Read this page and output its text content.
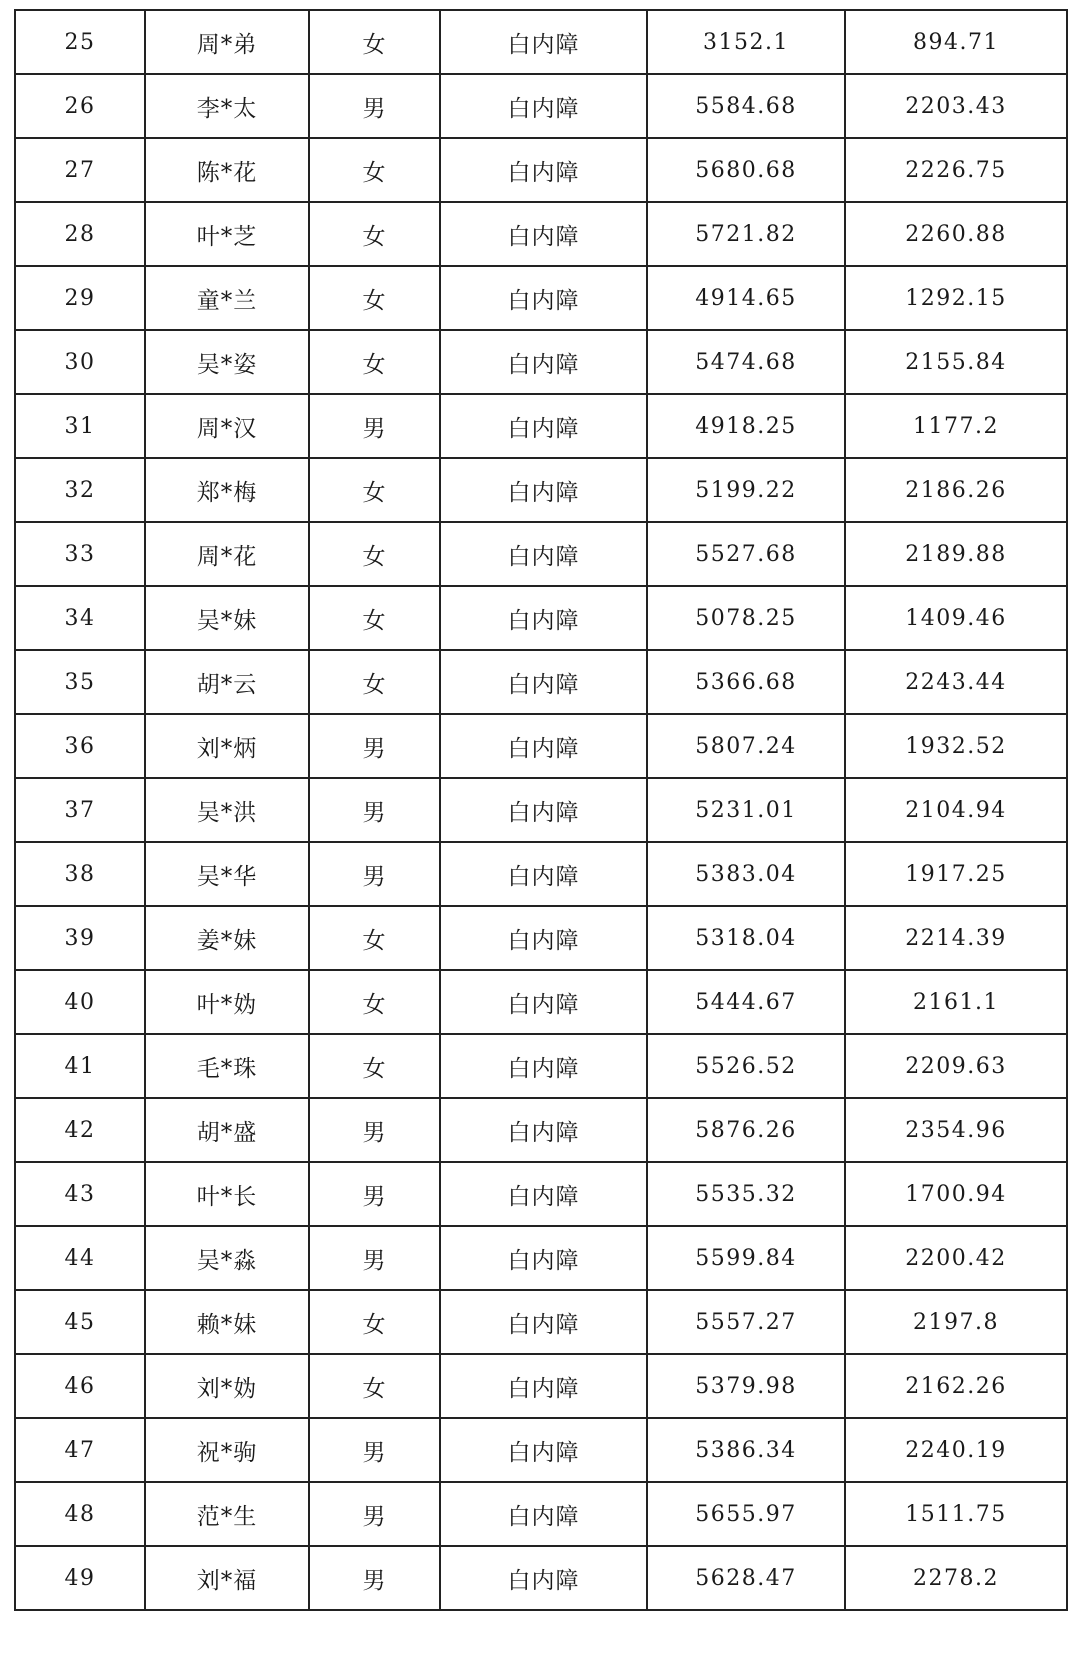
25	周*弟	女	白内障	3152.1	894.71
26	李*太	男	白内障	5584.68	2203.43
27	陈*花	女	白内障	5680.68	2226.75
28	叶*芝	女	白内障	5721.82	2260.88
29	童*兰	女	白内障	4914.65	1292.15
30	吴*姿	女	白内障	5474.68	2155.84
31	周*汉	男	白内障	4918.25	1177.2
32	郑*梅	女	白内障	5199.22	2186.26
33	周*花	女	白内障	5527.68	2189.88
34	吴*妹	女	白内障	5078.25	1409.46
35	胡*云	女	白内障	5366.68	2243.44
36	刘*炳	男	白内障	5807.24	1932.52
37	吴*洪	男	白内障	5231.01	2104.94
38	吴*华	男	白内障	5383.04	1917.25
39	姜*妹	女	白内障	5318.04	2214.39
40	叶*妫	女	白内障	5444.67	2161.1
41	毛*珠	女	白内障	5526.52	2209.63
42	胡*盛	男	白内障	5876.26	2354.96
43	叶*长	男	白内障	5535.32	1700.94
44	吴*淼	男	白内障	5599.84	2200.42
45	赖*妹	女	白内障	5557.27	2197.8
46	刘*妫	女	白内障	5379.98	2162.26
47	祝*驹	男	白内障	5386.34	2240.19
48	范*生	男	白内障	5655.97	1511.75
49	刘*福	男	白内障	5628.47	2278.2
